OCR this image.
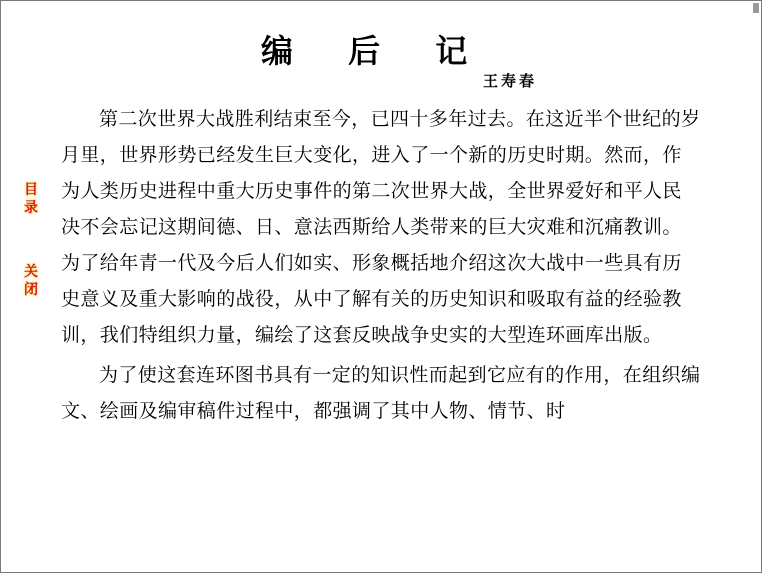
编 后 记
王寿春
目录
关闭

第二次世界大战胜利结束至今，已四十多年过去。在这近半个世纪的岁月里，世界形势已经发生巨大变化，进入了一个新的历史时期。然而，作为人类历史进程中重大历史事件的第二次世界大战，全世界爱好和平人民决不会忘记这期间德、日、意法西斯给人类带来的巨大灾难和沉痛教训。为了给年青一代及今后人们如实、形象概括地介绍这次大战中一些具有历史意义及重大影响的战役，从中了解有关的历史知识和吸取有益的经验教训，我们特组织力量，编绘了这套反映战争史实的大型连环画库出版。

为了使这套连环图书具有一定的知识性而起到它应有的作用，在组织编文、绘画及编审稿件过程中，都强调了其中人物、情节、时
